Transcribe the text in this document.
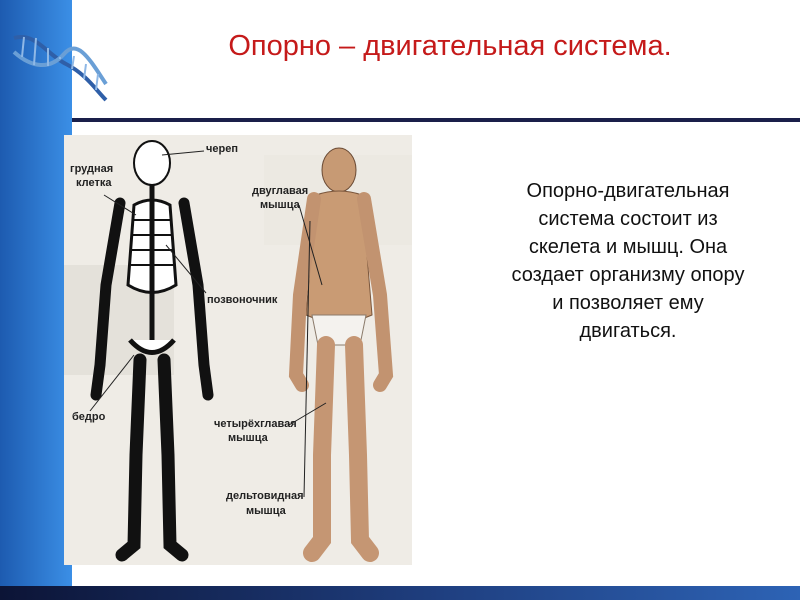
Опорно – двигательная система.
череп
грудная
клетка
двуглавая
мышца
позвоночник
бедро
четырёхглавая
мышца
дельтовидная
мышца
Опорно-двигательная система состоит из скелета и мышц. Она создает организму опору и позволяет ему двигаться.
